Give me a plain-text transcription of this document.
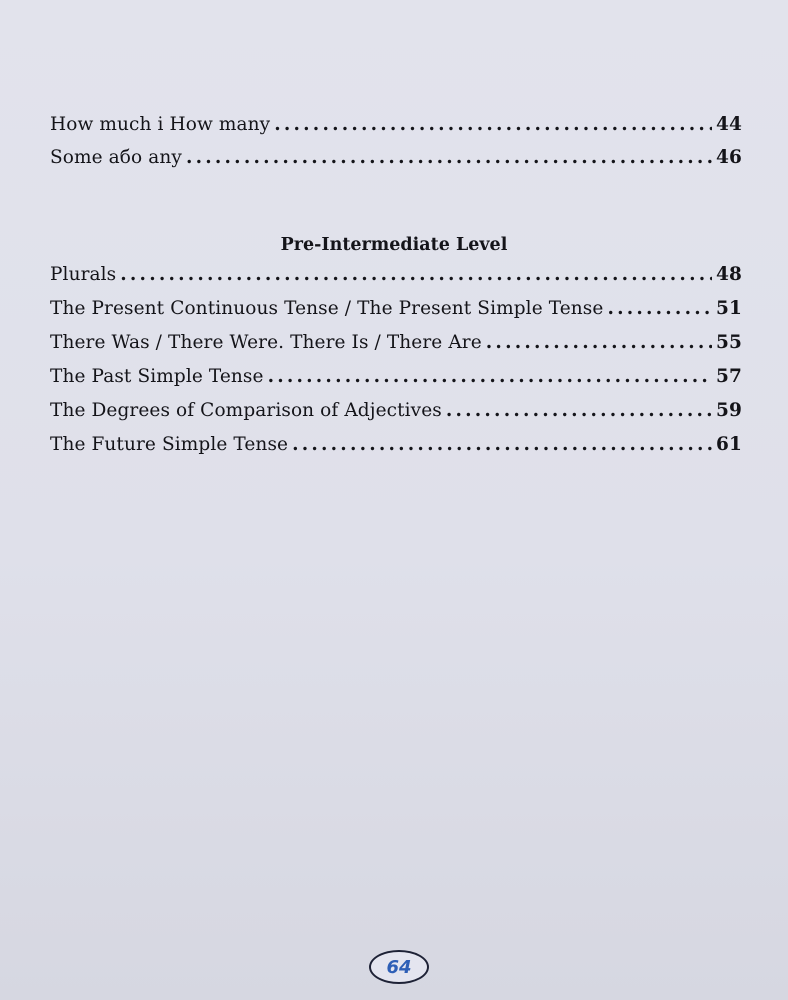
How much і How many .....	44
Some або any .....	46
Pre-Intermediate Level
Plurals .....	48
The Present Continuous Tense / The Present Simple Tense .....	51
There Was / There Were. There Is / There Are .....	55
The Past Simple Tense .....	57
The Degrees of Comparison of Adjectives .....	59
The Future Simple Tense .....	61
64
